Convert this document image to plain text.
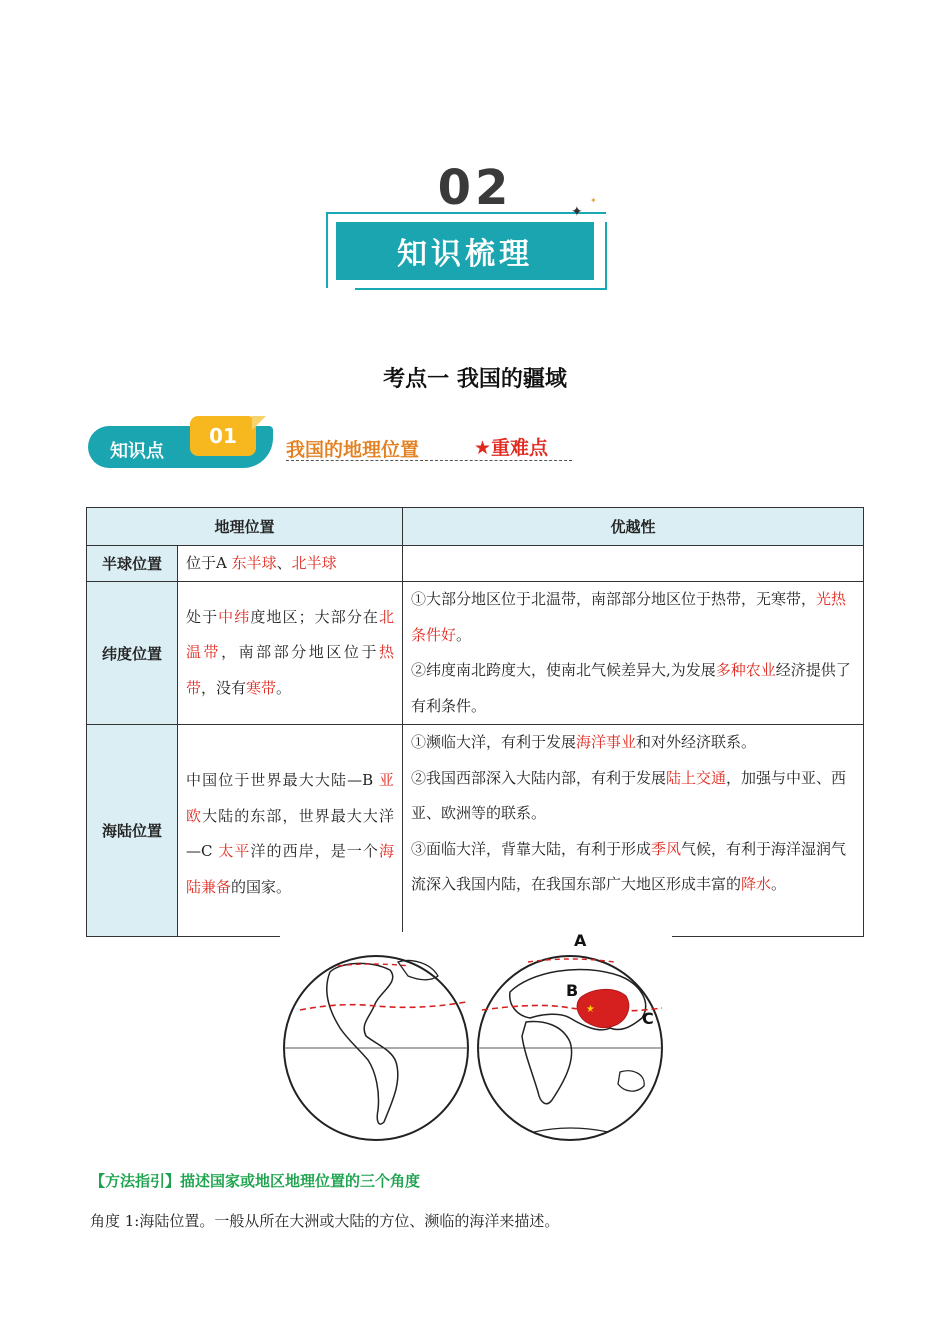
02
知识梳理
✦
✦
考点一 我国的疆域
知识点
01
我国的地理位置	★重难点
地理位置		优越性
半球位置	位于A 东半球、北半球	
纬度位置	处于中纬度地区；大部分在北温带，南部部分地区位于热带，没有寒带。	①大部分地区位于北温带，南部部分地区位于热带，无寒带，光热条件好。
②纬度南北跨度大，使南北气候差异大,为发展多种农业经济提供了有利条件。

海陆位置	中国位于世界最大大陆—B 亚欧大陆的东部，世界最大大洋—C 太平洋的西岸，是一个海陆兼备的国家。	①濒临大洋，有利于发展海洋事业和对外经济联系。
②我国西部深入大陆内部，有利于发展陆上交通，加强与中亚、西亚、欧洲等的联系。
③面临大洋，背靠大陆，有利于形成季风气候，有利于海洋湿润气流深入我国内陆，在我国东部广大地区形成丰富的降水。
★
A
B
C
【方法指引】描述国家或地区地理位置的三个角度
角度 1:海陆位置。一般从所在大洲或大陆的方位、濒临的海洋来描述。
